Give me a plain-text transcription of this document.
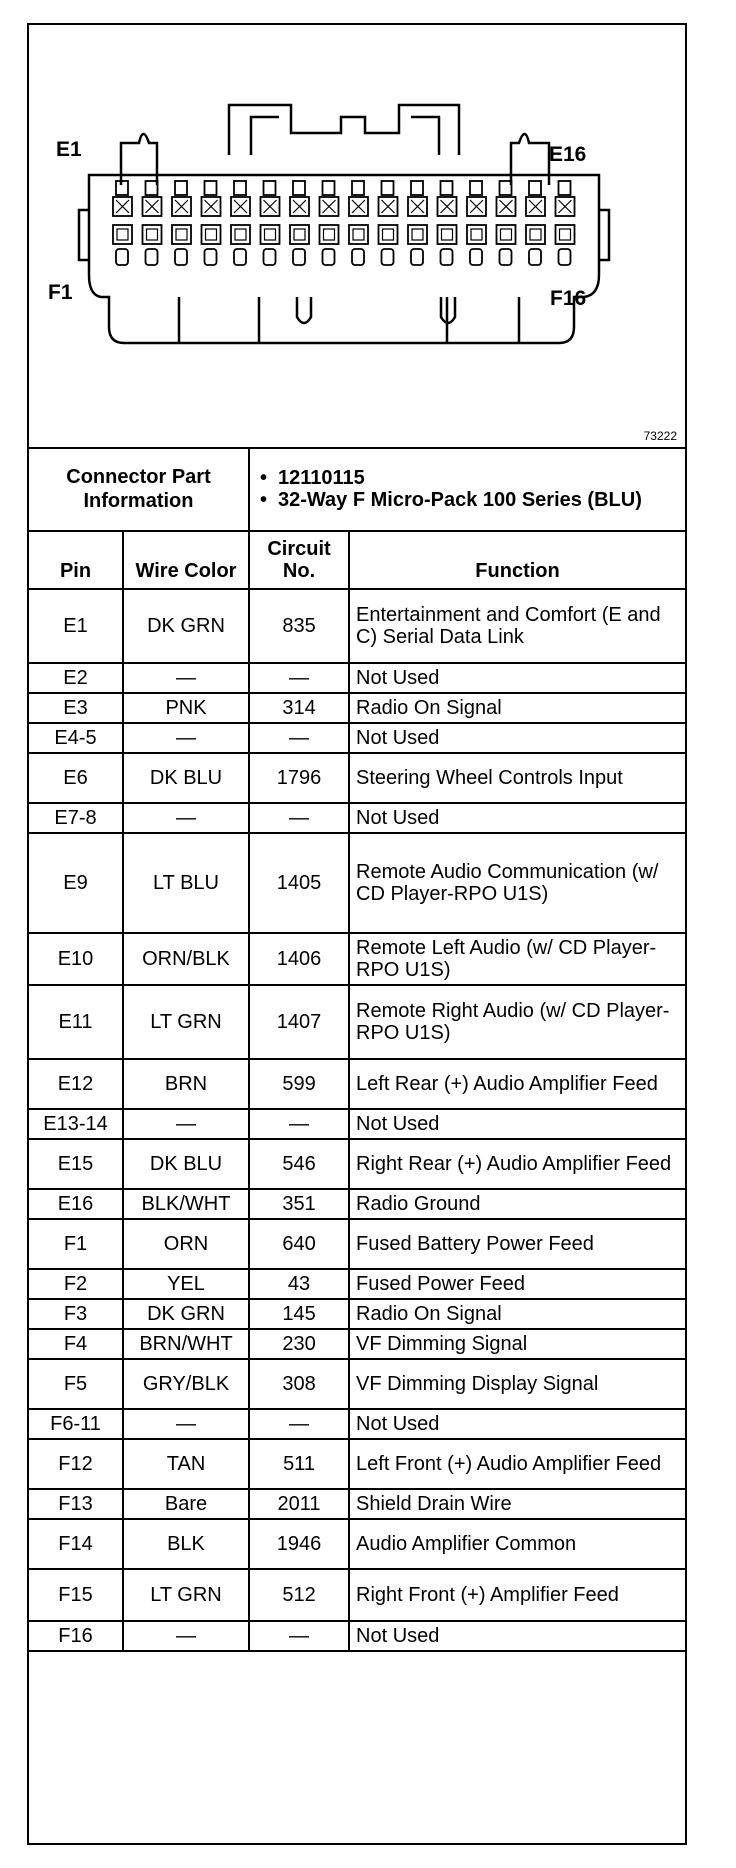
E1	E16
F1	F16
73222
Connector Part Information		• 12110115
• 32-Way F Micro-Pack 100 Series (BLU)

Pin	Wire Color	Circuit No.	Function
E1	DK GRN	835	Entertainment and Comfort (E and C) Serial Data Link
E2	—	—	Not Used
E3	PNK	314	Radio On Signal
E4-5	—	—	Not Used
E6	DK BLU	1796	Steering Wheel Controls Input
E7-8	—	—	Not Used
E9	LT BLU	1405	Remote Audio Communication (w/ CD Player-RPO U1S)
E10	ORN/BLK	1406	Remote Left Audio (w/ CD Player-RPO U1S)
E11	LT GRN	1407	Remote Right Audio (w/ CD Player-RPO U1S)
E12	BRN	599	Left Rear (+) Audio Amplifier Feed
E13-14	—	—	Not Used
E15	DK BLU	546	Right Rear (+) Audio Amplifier Feed
E16	BLK/WHT	351	Radio Ground
F1	ORN	640	Fused Battery Power Feed
F2	YEL	43	Fused Power Feed
F3	DK GRN	145	Radio On Signal
F4	BRN/WHT	230	VF Dimming Signal
F5	GRY/BLK	308	VF Dimming Display Signal
F6-11	—	—	Not Used
F12	TAN	511	Left Front (+) Audio Amplifier Feed
F13	Bare	2011	Shield Drain Wire
F14	BLK	1946	Audio Amplifier Common
F15	LT GRN	512	Right Front (+) Amplifier Feed
F16	—	—	Not Used
